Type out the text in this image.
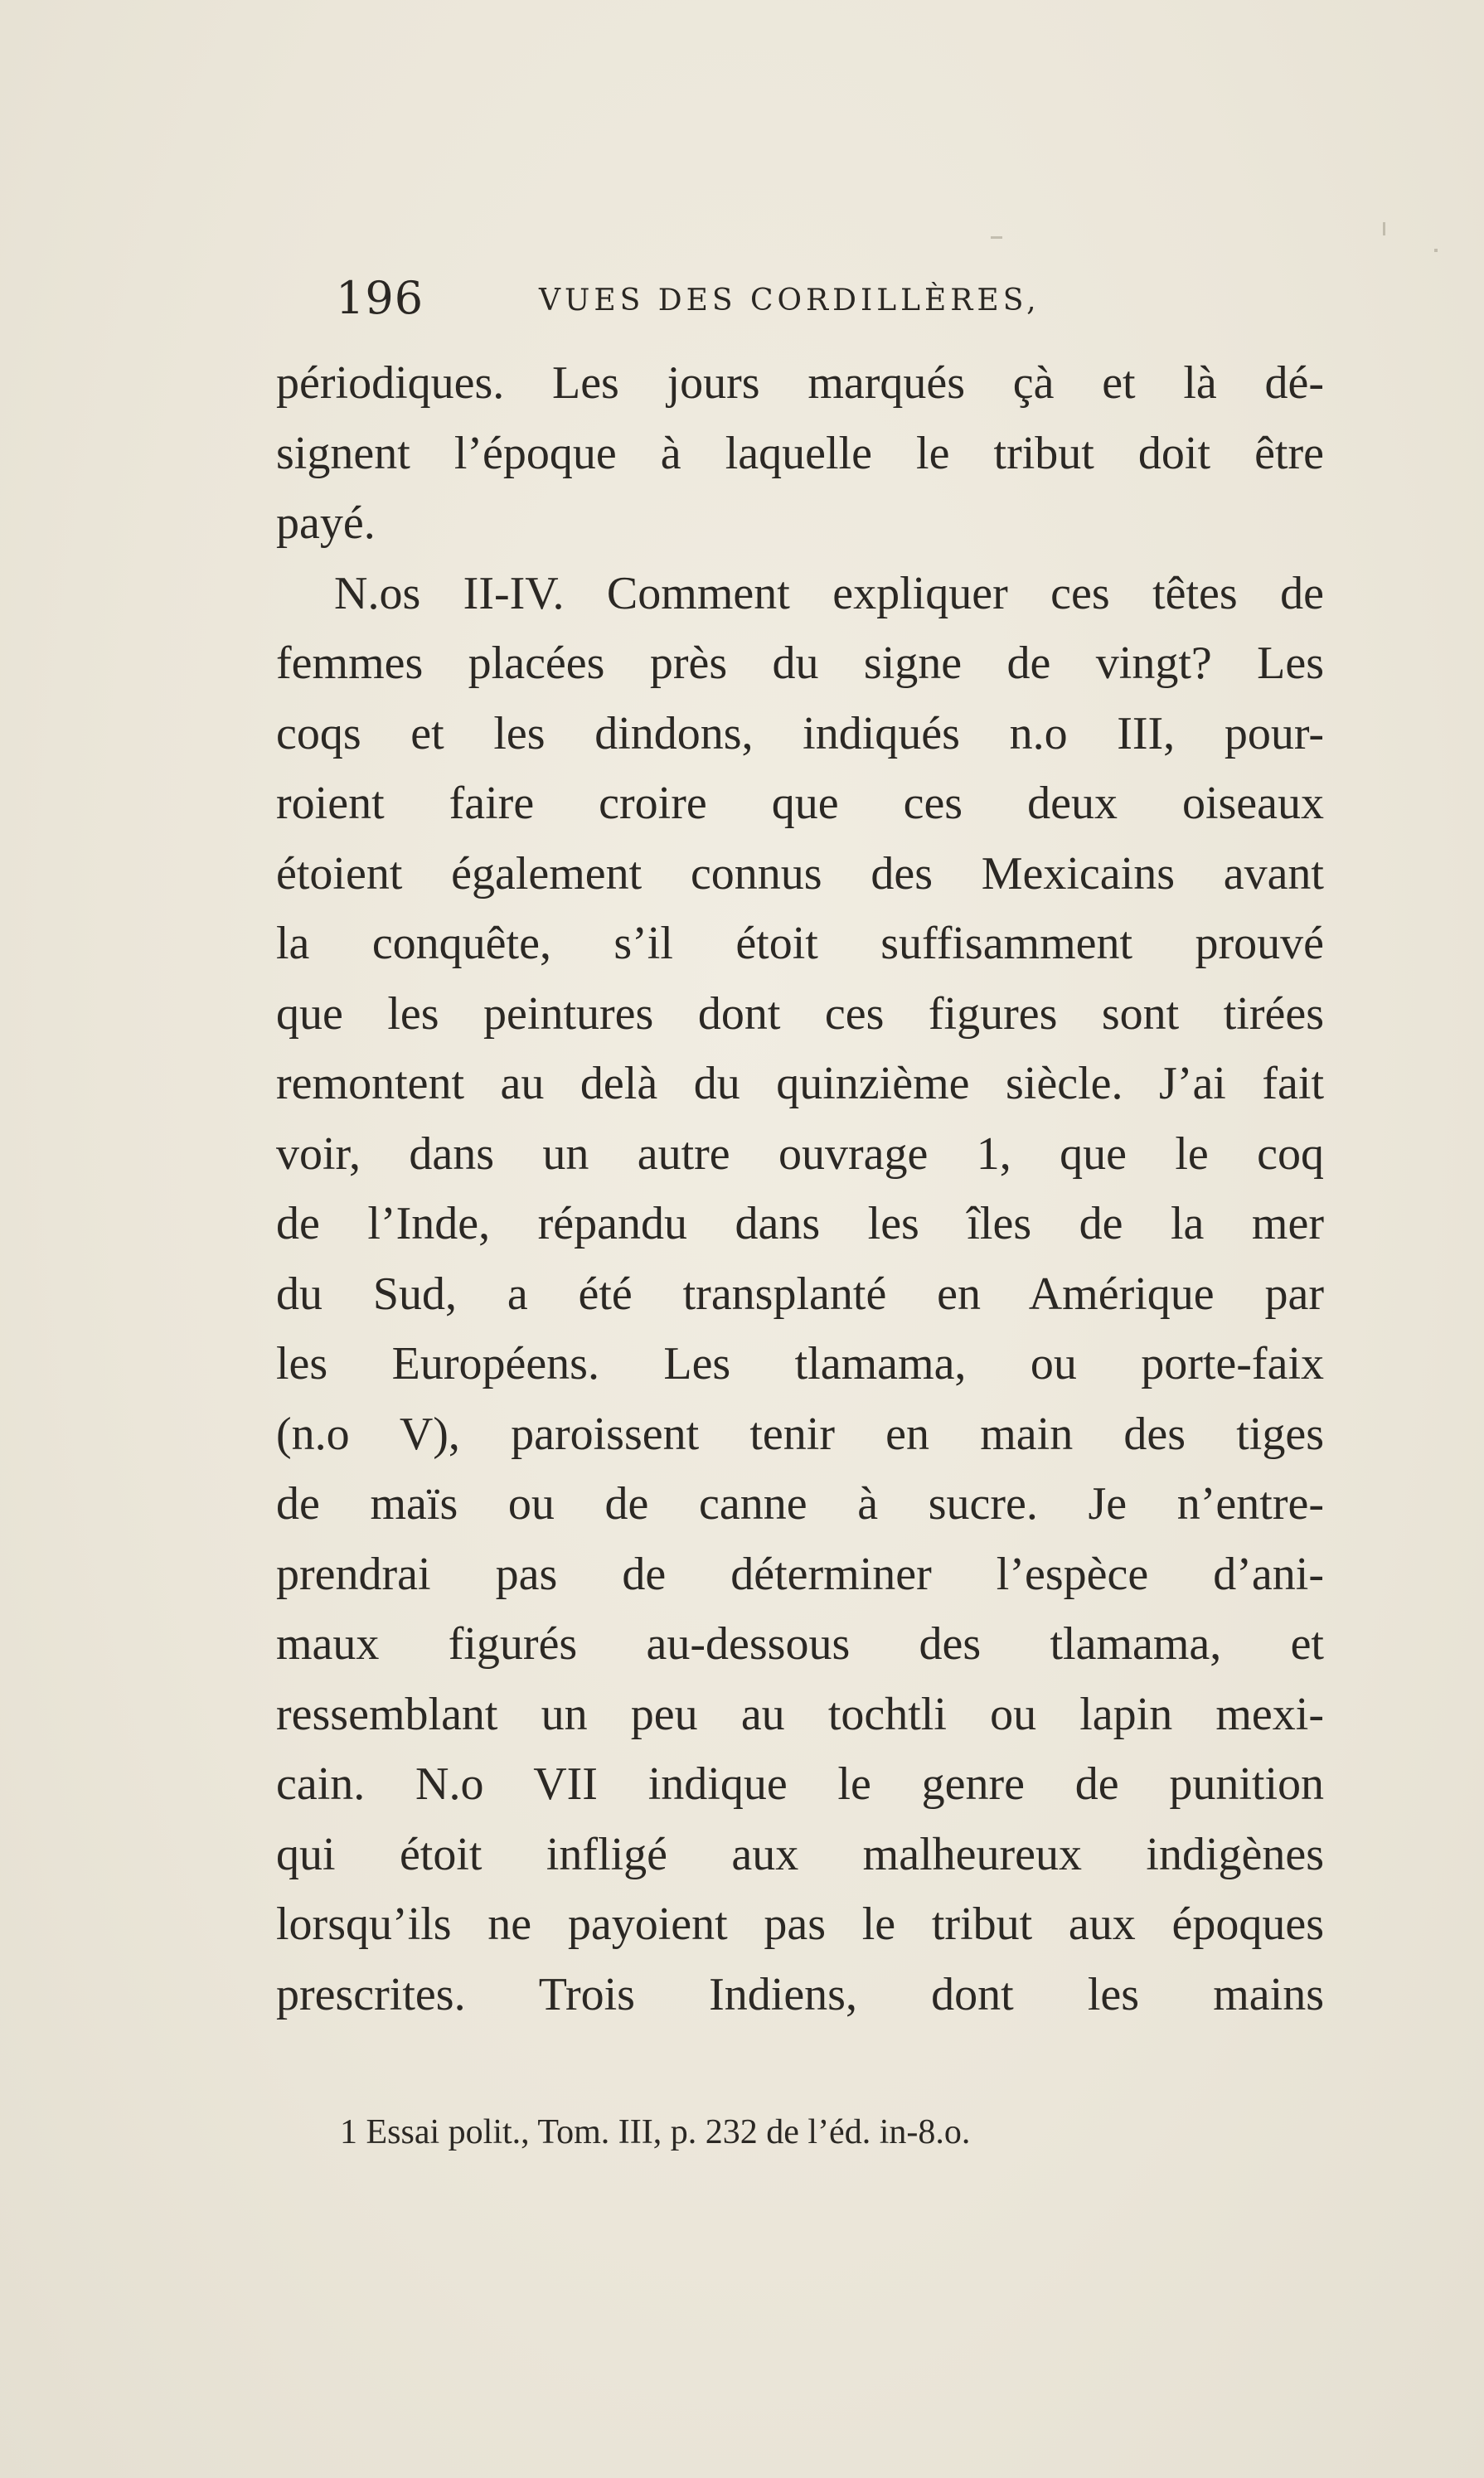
196	VUES DES CORDILLÈRES,
périodiques. Les jours marqués çà et là dé-
signent l’époque à laquelle le tribut doit être
payé.
N.os II-IV. Comment expliquer ces têtes de
femmes placées près du signe de vingt? Les
coqs et les dindons, indiqués n.o III, pour-
roient faire croire que ces deux oiseaux
étoient également connus des Mexicains avant
la conquête, s’il étoit suffisamment prouvé
que les peintures dont ces figures sont tirées
remontent au delà du quinzième siècle. J’ai fait
voir, dans un autre ouvrage 1, que le coq
de l’Inde, répandu dans les îles de la mer
du Sud, a été transplanté en Amérique par
les Européens. Les tlamama, ou porte-faix
(n.o V), paroissent tenir en main des tiges
de maïs ou de canne à sucre. Je n’entre-
prendrai pas de déterminer l’espèce d’ani-
maux figurés au-dessous des tlamama, et
ressemblant un peu au tochtli ou lapin mexi-
cain. N.o VII indique le genre de punition
qui étoit infligé aux malheureux indigènes
lorsqu’ils ne payoient pas le tribut aux époques
prescrites. Trois Indiens, dont les mains
1 Essai polit., Tom. III, p. 232 de l’éd. in-8.o.
